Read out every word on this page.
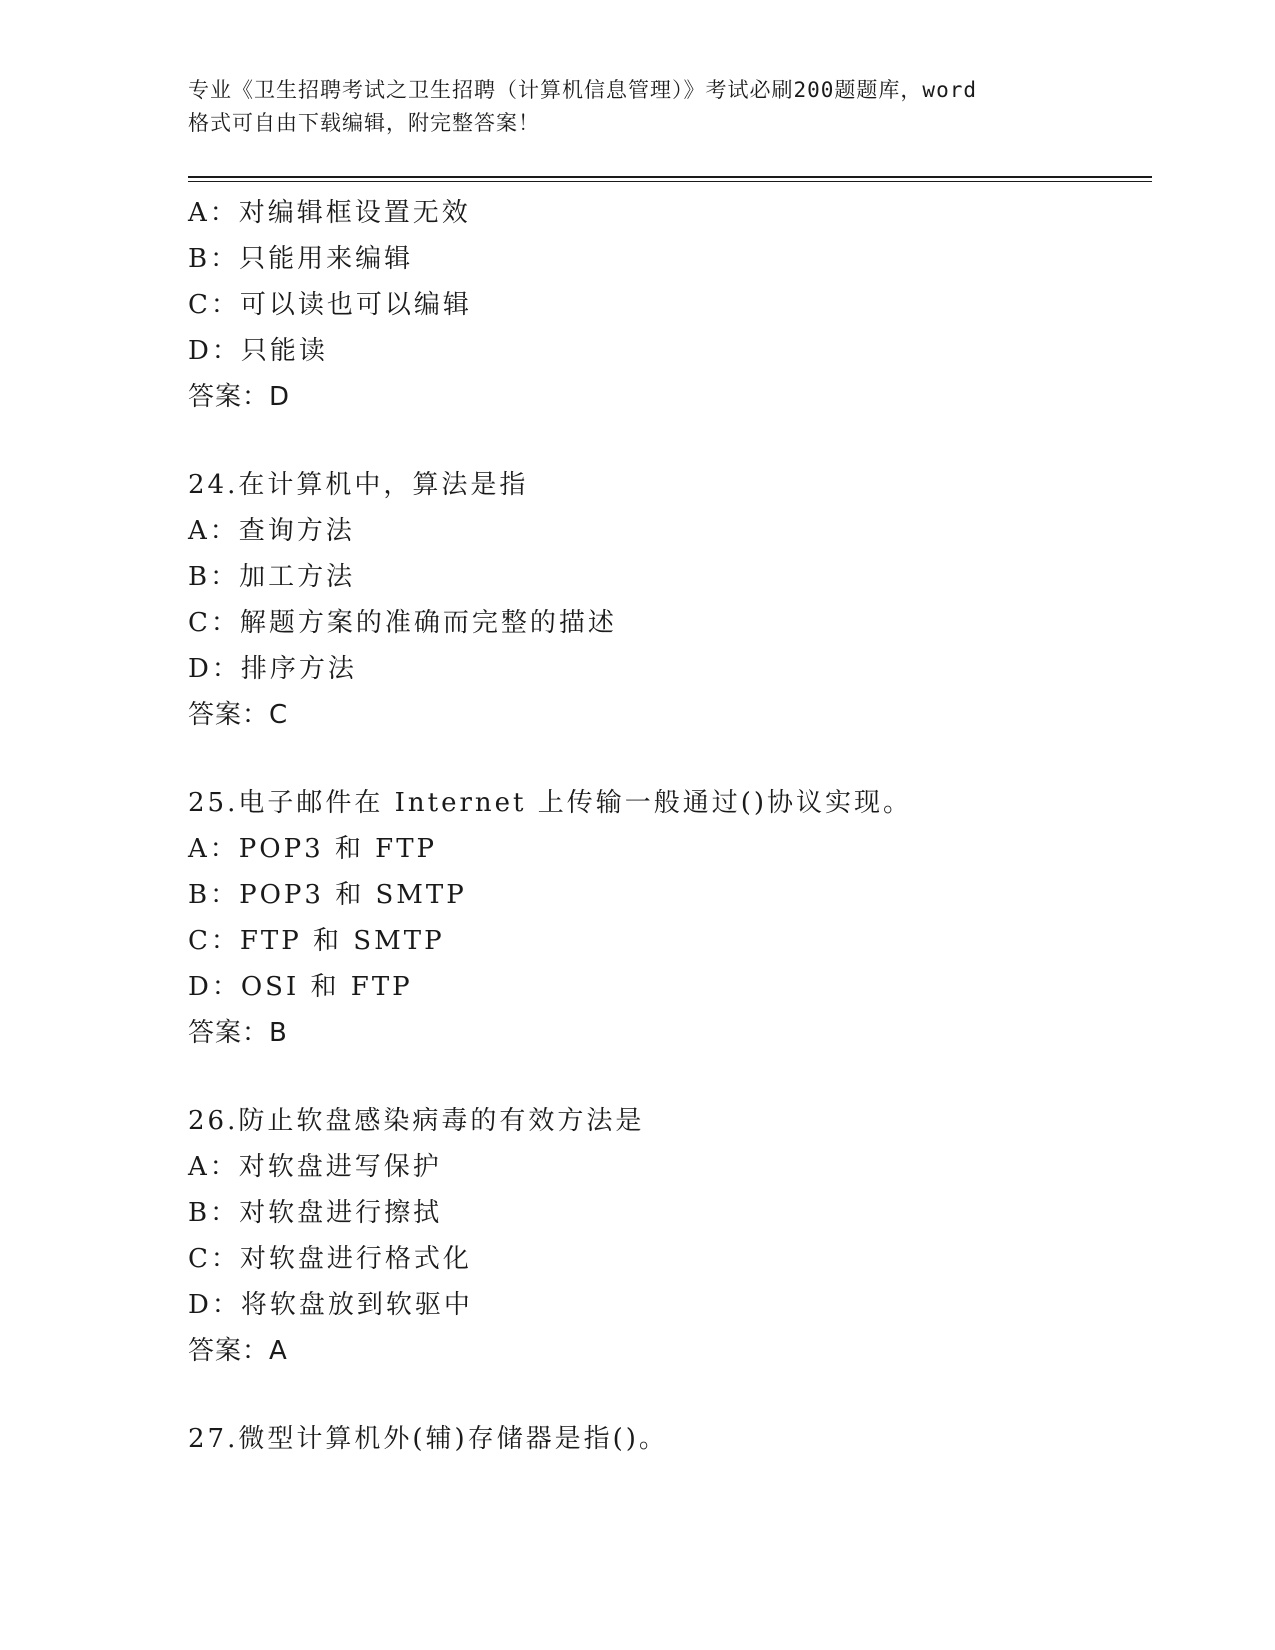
专业《卫生招聘考试之卫生招聘（计算机信息管理）》考试必刷200题题库，word
格式可自由下载编辑，附完整答案！
A：对编辑框设置无效
B：只能用来编辑
C：可以读也可以编辑
D：只能读
答案：D
24.在计算机中，算法是指
A：查询方法
B：加工方法
C：解题方案的准确而完整的描述
D：排序方法
答案：C
25.电子邮件在 Internet 上传输一般通过()协议实现。
A：POP3 和 FTP
B：POP3 和 SMTP
C：FTP 和 SMTP
D：OSI 和 FTP
答案：B
26.防止软盘感染病毒的有效方法是
A：对软盘进写保护
B：对软盘进行擦拭
C：对软盘进行格式化
D：将软盘放到软驱中
答案：A
27.微型计算机外(辅)存储器是指()。
